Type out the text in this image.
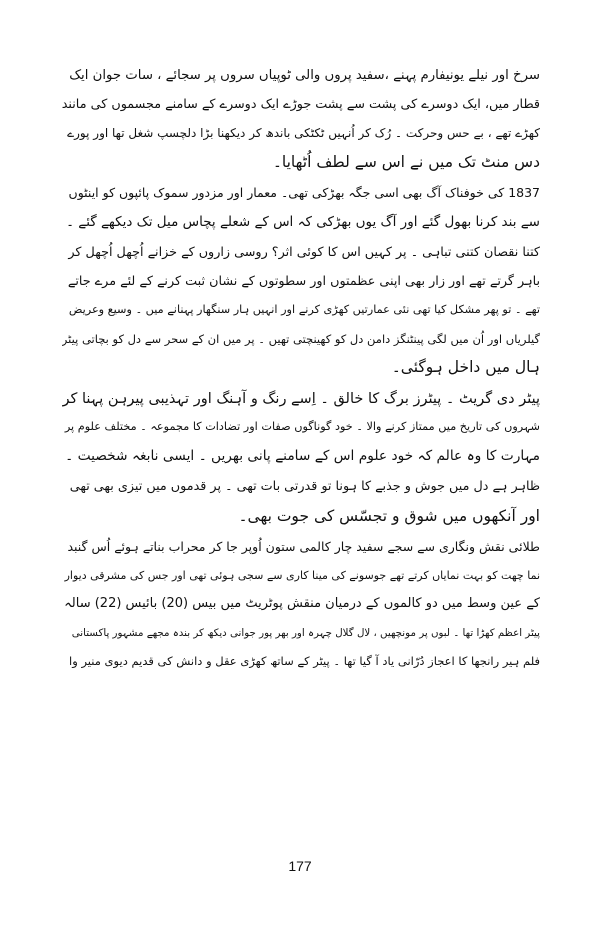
سرخ اور نیلے یونیفارم پہنے ،سفید پروں والی ٹوپیاں سروں پر سجائے ، سات جوان ایک
قطار میں، ایک دوسرے کی پشت سے پشت جوڑے ایک دوسرے کے سامنے مجسموں کی مانند
کھڑے تھے ، بے حس وحرکت ۔ رُک کر اُنہیں ٹکٹکی باندھ کر دیکھنا بڑا دلچسپ شغل تھا اور پورے
دس منٹ تک میں نے اس سے لطف اُٹھایا۔
1837 کی خوفناک آگ بھی اسی جگہ بھڑکی تھی۔ معمار اور مزدور سموک پائپوں کو اینٹوں
سے بند کرنا بھول گئے اور آگ یوں بھڑکی کہ اس کے شعلے پچاس میل تک دیکھے گئے ۔
کتنا نقصان کتنی تباہی ۔ پر کہیں اس کا کوئی اثر؟ روسی زاروں کے خزانے اُچھل اُچھل کر
باہر گرتے تھے اور زار بھی اپنی عظمتوں اور سطوتوں کے نشان ثبت کرنے کے لئے مرے جاتے
تھے ۔ تو پھر مشکل کیا تھی نئی عمارتیں کھڑی کرنے اور انہیں ہار سنگھار پہنانے میں ۔ وسیع وعریض
گیلریاں اور اُن میں لگی پینٹنگز دامن دل کو کھینچتی تھیں ۔ پر میں ان کے سحر سے دل کو بچاتی پیٹر
ہال میں داخل ہوگئی۔
پیٹر دی گریٹ ۔ پیٹرز برگ کا خالق ۔ اِسے رنگ و آہنگ اور تہذیبی پیرہن پہنا کر
شہروں کی تاریخ میں ممتاز کرنے والا ۔ خود گوناگوں صفات اور تضادات کا مجموعہ ۔ مختلف علوم پر
مہارت کا وہ عالم کہ خود علوم اس کے سامنے پانی بھریں ۔ ایسی نابغہ شخصیت ۔
ظاہر ہے دل میں جوش و جذبے کا ہونا تو قدرتی بات تھی ۔ پر قدموں میں تیزی بھی تھی
اور آنکھوں میں شوق و تجسّس کی جوت بھی۔
طلائی نقش ونگاری سے سجے سفید چار کالمی ستون اُوپر جا کر محراب بناتے ہوئے اُس گنبد
نما چھت کو بہت نمایاں کرتے تھے جوسونے کی مینا کاری سے سجی ہوئی تھی اور جس کی مشرقی دیوار
کے عین وسط میں دو کالموں کے درمیان منقش پوٹریٹ میں بیس (20) بائیس (22) سالہ
پیٹر اعظم کھڑا تھا ۔ لبوں پر مونچھیں ، لال گلال چہرہ اور بھر پور جوانی دیکھ کر بندہ مجھے مشہور پاکستانی
فلم ہیر رانجھا کا اعجاز دُرّانی یاد آ گیا تھا ۔ پیٹر کے ساتھ کھڑی عقل و دانش کی قدیم دیوی منیر وا
177
